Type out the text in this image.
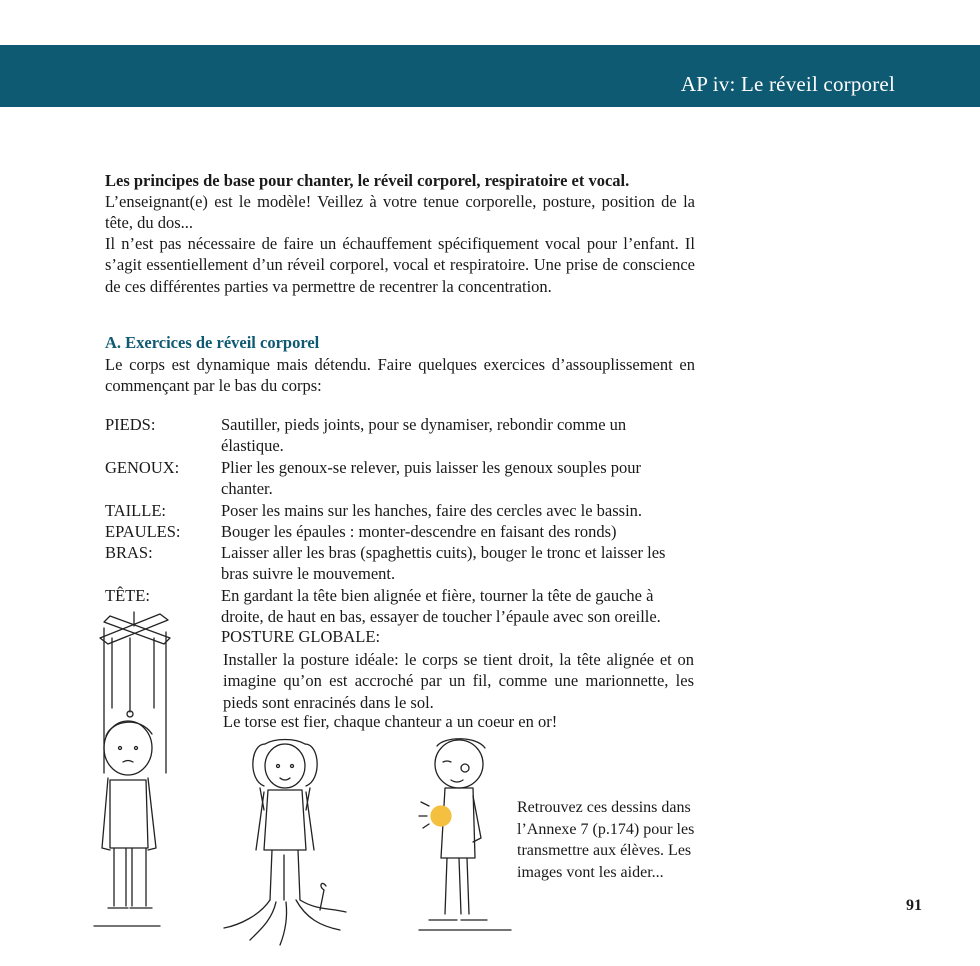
AP iv: Le réveil corporel

Les principes de base pour chanter, le réveil corporel, respiratoire et vocal.

L’enseignant(e) est le modèle! Veillez à votre tenue corporelle, posture, position de la tête, du dos...

Il n’est pas nécessaire de faire un échauffement spécifiquement vocal pour l’enfant. Il s’agit essentiellement d’un réveil corporel, vocal et respiratoire. Une prise de conscience de ces différentes parties va permettre de recentrer la concentration.

A. Exercices de réveil corporel

Le corps est dynamique mais détendu. Faire quelques exercices d’assouplissement en commençant par le bas du corps:

PIEDS:	Sautiller, pieds joints, pour se dynamiser, rebondir comme un élastique.
GENOUX:	Plier les genoux-se relever, puis laisser les genoux souples pour chanter.
TAILLE:	Poser les mains sur les hanches, faire des cercles avec le bassin.
EPAULES: Bouger les épaules : monter-descendre en faisant des ronds)
BRAS:	Laisser aller les bras (spaghettis cuits), bouger le tronc et laisser les bras suivre le mouvement.
TÊTE:	En gardant la tête bien alignée et fière, tourner la tête de gauche à droite, de haut en bas, essayer de toucher l’épaule avec son oreille.
POSTURE GLOBALE:

Installer la posture idéale: le corps se tient droit, la tête alignée et on imagine qu’on est accroché par un fil, comme une marionnette, les pieds sont enracinés dans le sol.

Le torse est fier, chaque chanteur a un coeur en or!
Retrouvez ces dessins dans l’Annexe 7 (p.174) pour les transmettre aux élèves. Les images vont les aider...
91
